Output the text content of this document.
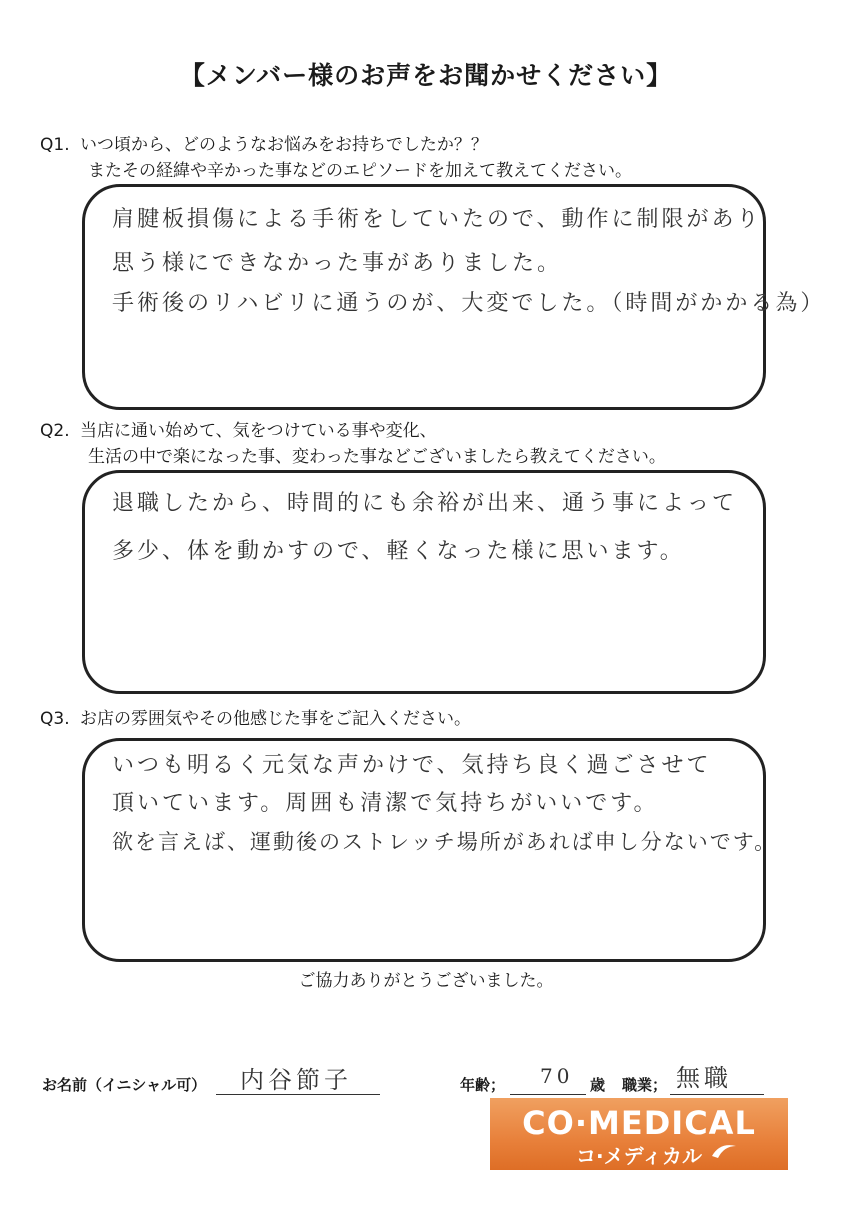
【メンバー様のお声をお聞かせください】
Q1. いつ頃から、どのようなお悩みをお持ちでしたか？？
またその経緯や辛かった事などのエピソードを加えて教えてください。
肩腱板損傷による手術をしていたので、動作に制限があり
思う様にできなかった事がありました。
手術後のリハビリに通うのが、大変でした。（時間がかかる為）
Q2. 当店に通い始めて、気をつけている事や変化、
生活の中で楽になった事、変わった事などございましたら教えてください。
退職したから、時間的にも余裕が出来、通う事によって
多少、体を動かすので、軽くなった様に思います。
Q3. お店の雰囲気やその他感じた事をご記入ください。
いつも明るく元気な声かけで、気持ち良く過ごさせて
頂いています。周囲も清潔で気持ちがいいです。
欲を言えば、運動後のストレッチ場所があれば申し分ないです。
ご協力ありがとうございました。
お名前（イニシャル可） 内谷節子	年齢； 70 歳 職業； 無職
CO·MEDICAL
コ·メディカル
